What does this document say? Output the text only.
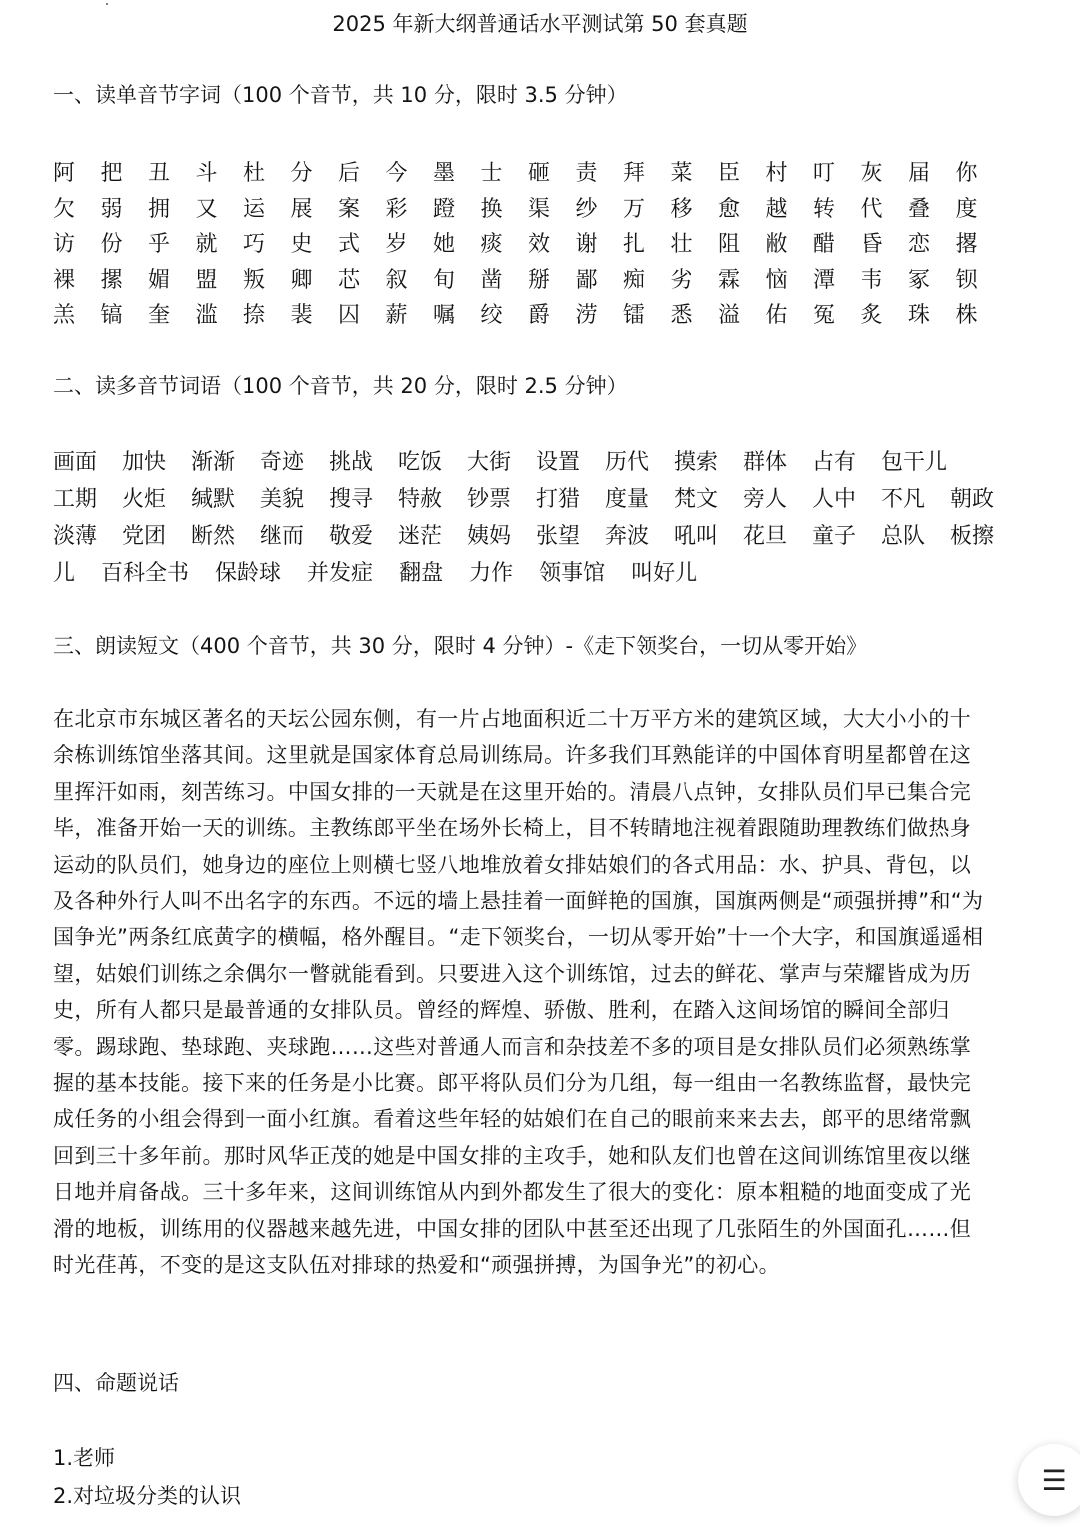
2025 年新大纲普通话水平测试第 50 套真题
一、读单音节字词（100 个音节，共 10 分，限时 3.5 分钟）
阿	把	丑	斗	杜	分	后	今	墨	士	砸	责	拜	菜	臣	村	叮	灰	届	你
欠	弱	拥	又	运	展	案	彩	蹬	换	渠	纱	万	移	愈	越	转	代	叠	度
访	份	乎	就	巧	史	式	岁	她	痰	效	谢	扎	壮	阻	敝	醋	昏	恋	撂
裸	摞	媚	盟	叛	卿	芯	叙	旬	凿	掰	鄙	痴	劣	霖	恼	潭	韦	冢	钡
羔	镐	奎	滥	捺	裴	囚	薪	嘱	绞	爵	涝	镭	悉	溢	佑	冤	炙	珠	株
二、读多音节词语（100 个音节，共 20 分，限时 2.5 分钟）
画面	加快	渐渐	奇迹	挑战	吃饭	大街	设置	历代	摸索	群体	占有	包干儿
工期	火炬	缄默	美貌	搜寻	特赦	钞票	打猎	度量	梵文	旁人	人中	不凡	朝政
淡薄	党团	断然	继而	敬爱	迷茫	姨妈	张望	奔波	吼叫	花旦	童子	总队	板擦
儿 百科全书 保龄球 并发症 翻盘 力作 领事馆 叫好儿
三、朗读短文（400 个音节，共 30 分，限时 4 分钟）-《走下领奖台，一切从零开始》

在北京市东城区著名的天坛公园东侧，有一片占地面积近二十万平方米的建筑区域，大大小小的十余栋训练馆坐落其间。这里就是国家体育总局训练局。许多我们耳熟能详的中国体育明星都曾在这里挥汗如雨，刻苦练习。中国女排的一天就是在这里开始的。清晨八点钟，女排队员们早已集合完毕，准备开始一天的训练。主教练郎平坐在场外长椅上，目不转睛地注视着跟随助理教练们做热身运动的队员们，她身边的座位上则横七竖八地堆放着女排姑娘们的各式用品：水、护具、背包，以及各种外行人叫不出名字的东西。不远的墙上悬挂着一面鲜艳的国旗，国旗两侧是“顽强拼搏”和“为国争光”两条红底黄字的横幅，格外醒目。“走下领奖台，一切从零开始”十一个大字，和国旗遥遥相望，姑娘们训练之余偶尔一瞥就能看到。只要进入这个训练馆，过去的鲜花、掌声与荣耀皆成为历史，所有人都只是最普通的女排队员。曾经的辉煌、骄傲、胜利，在踏入这间场馆的瞬间全部归零。踢球跑、垫球跑、夹球跑……这些对普通人而言和杂技差不多的项目是女排队员们必须熟练掌握的基本技能。接下来的任务是小比赛。郎平将队员们分为几组，每一组由一名教练监督，最快完成任务的小组会得到一面小红旗。看着这些年轻的姑娘们在自己的眼前来来去去，郎平的思绪常飘回到三十多年前。那时风华正茂的她是中国女排的主攻手，她和队友们也曾在这间训练馆里夜以继日地并肩备战。三十多年来，这间训练馆从内到外都发生了很大的变化：原本粗糙的地面变成了光滑的地板，训练用的仪器越来越先进，中国女排的团队中甚至还出现了几张陌生的外国面孔……但时光荏苒，不变的是这支队伍对排球的热爱和“顽强拼搏，为国争光”的初心。

四、命题说话

1.老师

2.对垃圾分类的认识	☰
